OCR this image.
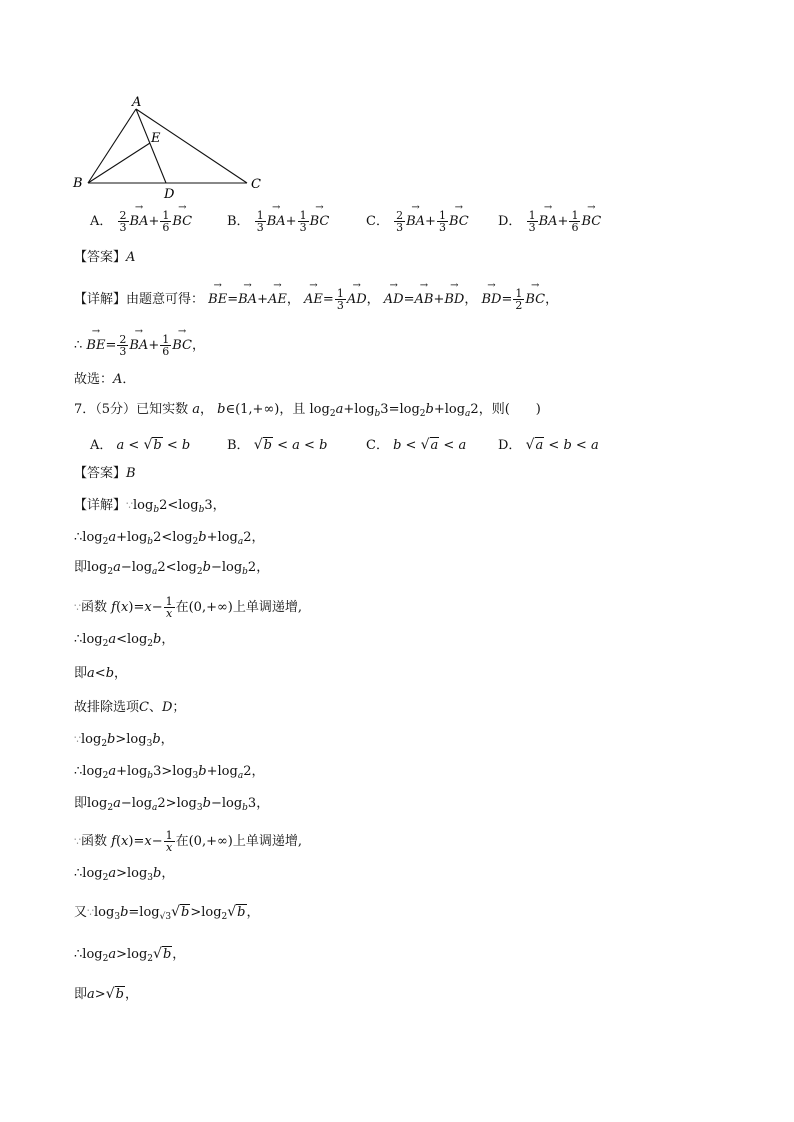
A
B	C
D
E
A． $\frac{2}{3}$
→ $BA+ \frac{1}{6}$
→ BC	B． $\frac{1}{3}$
→ $BA+ \frac{1}{3}$
→ BC	C． $\frac{2}{3}$
→ $BA+ \frac{1}{3}$
→ BC D． $\frac{1}{3}$
→ $BA+ \frac{1}{6}$
→ BC
【答案】A
【详解】由题意可得： → BE=→ BA+→ AE， → $AE= \frac{1}{3}$
→ AD， → AD=→ AB+→ BD， → $BD= \frac{1}{2}$
→ BC，
∴ → $BE= \frac{2}{3}$
→ $BA+ \frac{1}{6}$
→ BC，
故选：A．
7．（5分）已知实数 a， b∈(1,+∞)，且 $\log_2a+\log_b3=\log_2b+\log_a2$，则(　　)
A． a < √b < b	B． √b < a < b	C． b < √a < a D． √a < b < a
【答案】B
【详解】$\because\log_b2<\log_b3$，
$\therefore\log_2a+\log_b2<\log_2b+\log_a2$，
即$\log_2a-\log_a2<\log_2b-\log_b2$，
∵函数 $f(x)=x- \frac{1}{x}$ 在(0,+∞)上单调递增,
$\therefore\log_2a<\log_2b$，
即a<b，
故排除选项C、D；
$\because\log_2b>\log_3b$，
$\therefore\log_2a+\log_b3>\log_3b+\log_a2$，
即$\log_2a-\log_a2>\log_3b-\log_b3$，
∵函数 $f(x)=x- \frac{1}{x}$ 在(0,+∞)上单调递增,
$\therefore\log_2a>\log_3b$，
又$\because\log_3b=\log_{√3}√b>\log_2√b$，
$\therefore\log_2a>\log_2√b$，
即a>√b，
